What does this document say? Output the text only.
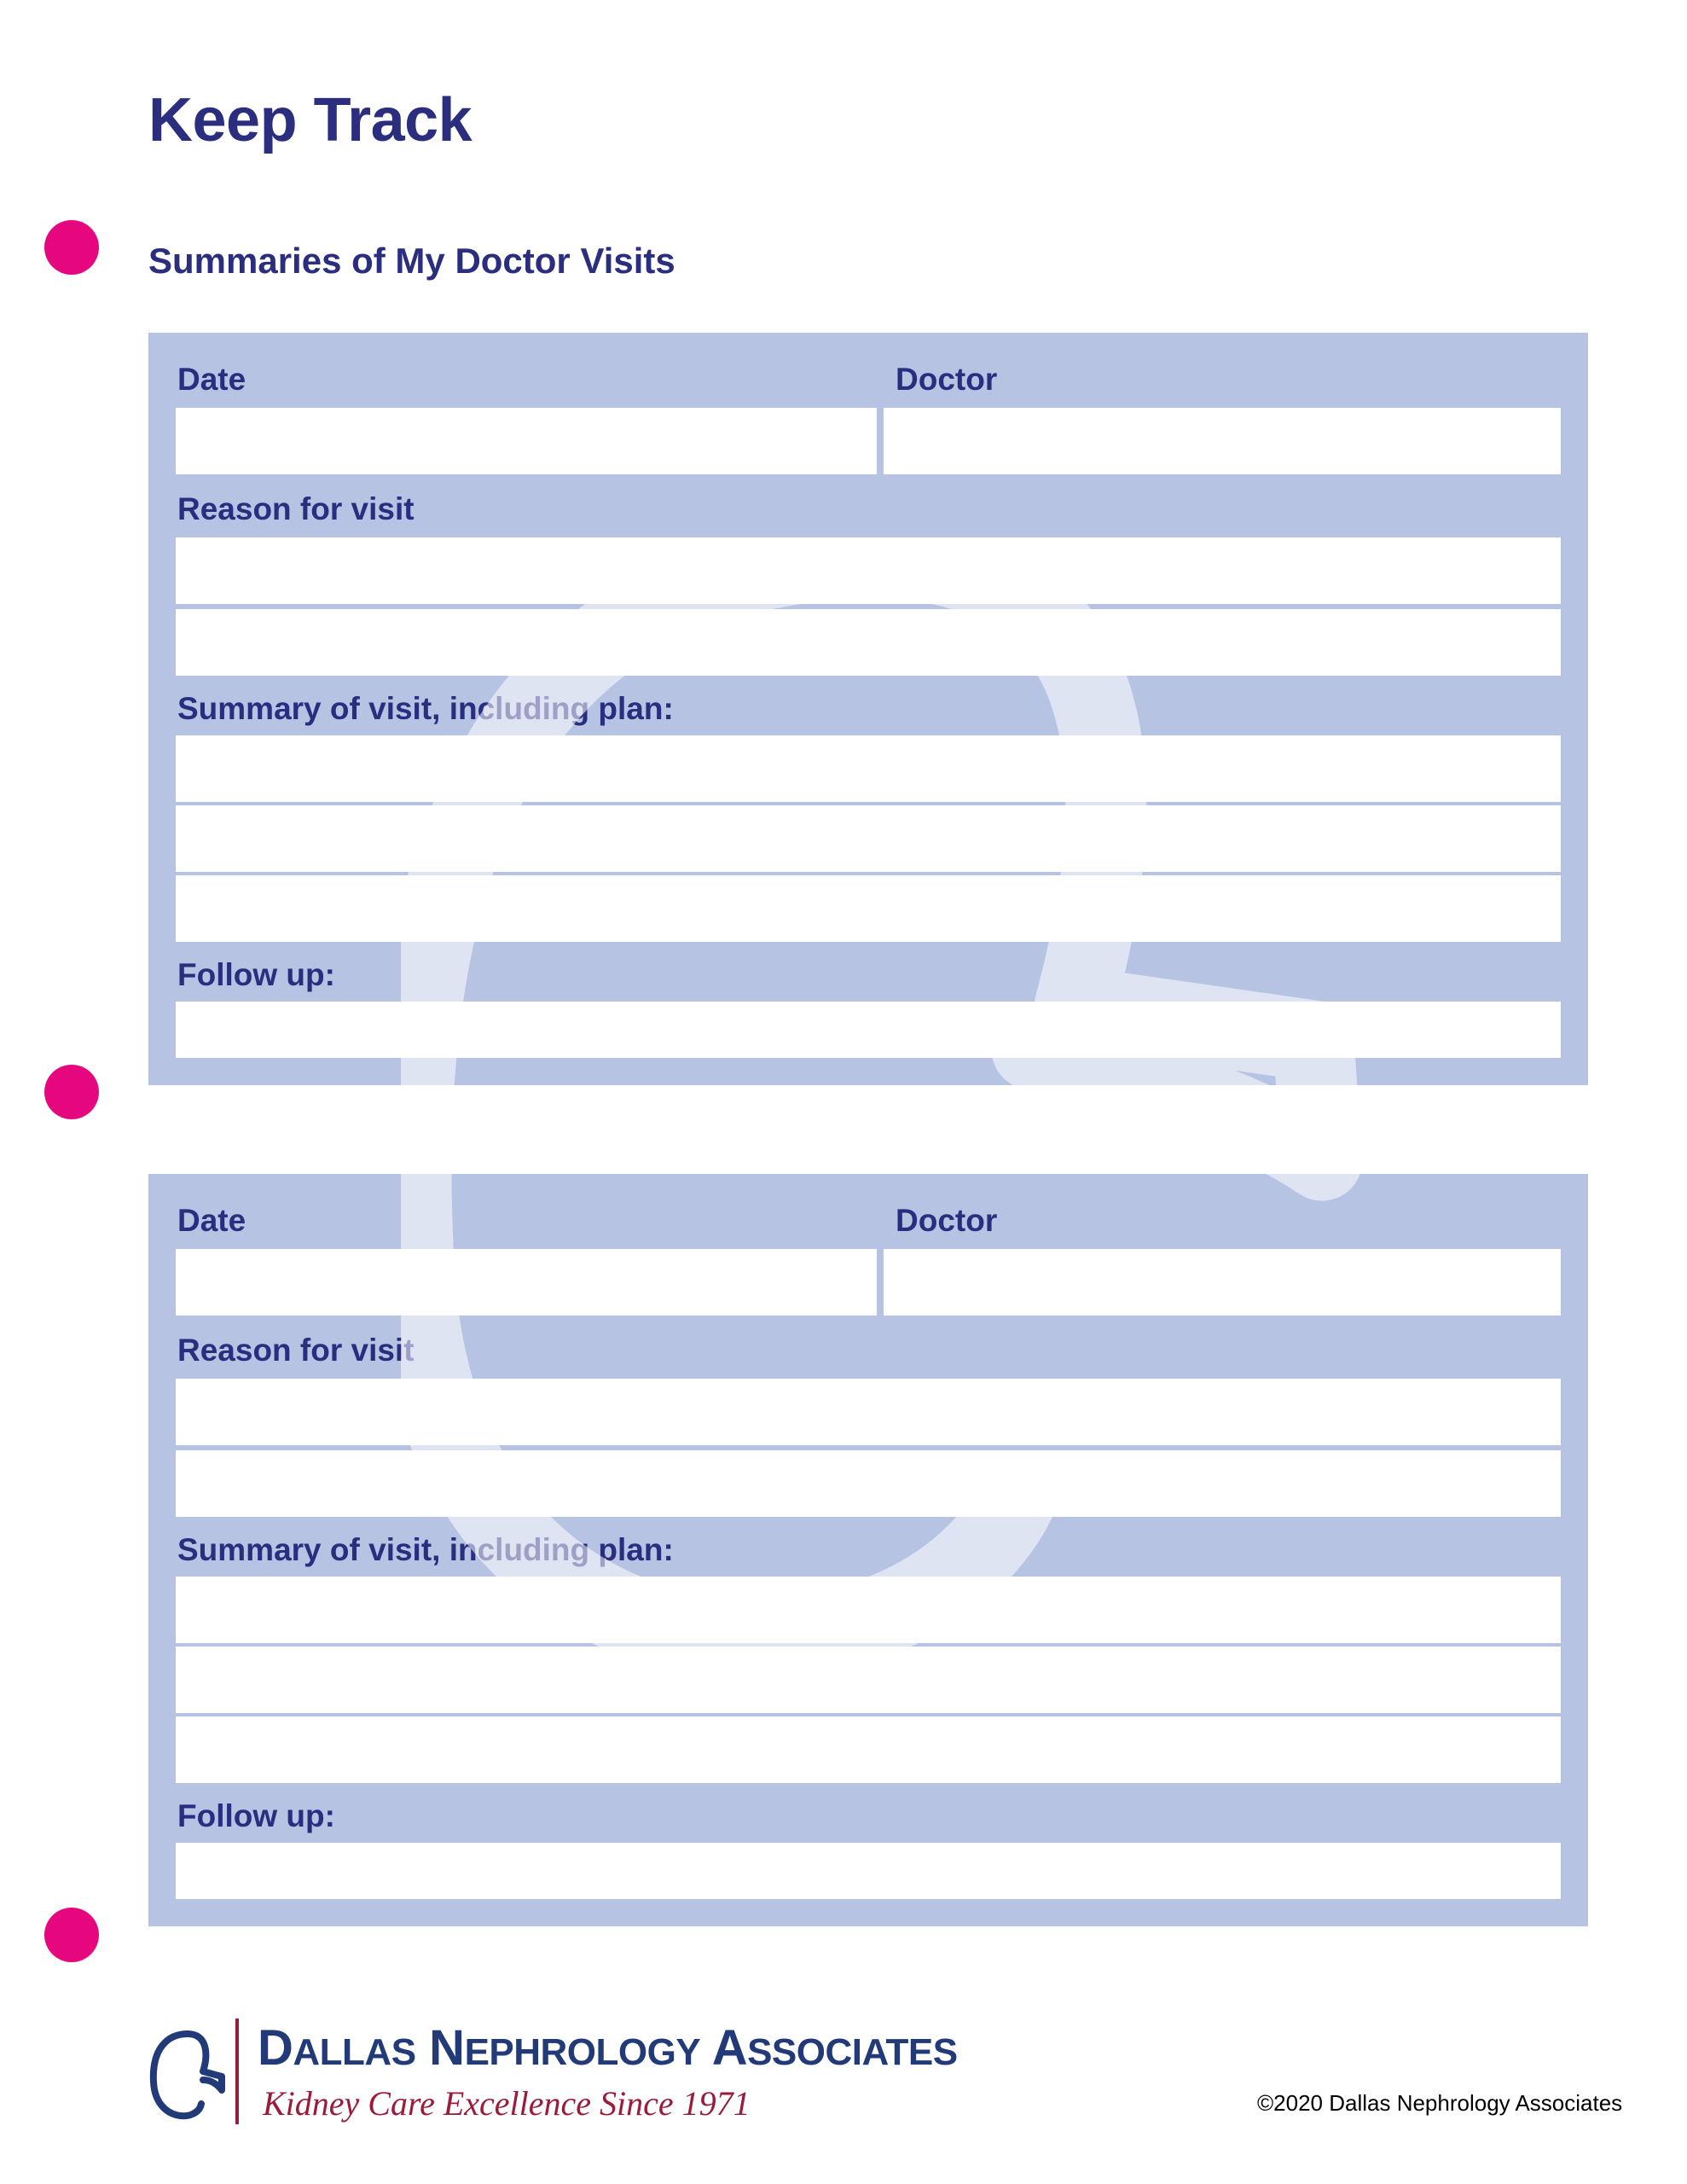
Keep Track
Summaries of My Doctor Visits
Date	Doctor
Reason for visit
Summary of visit, including plan:
Follow up:
Date	Doctor
Reason for visit
Summary of visit, including plan:
Follow up:
DALLAS NEPHROLOGY ASSOCIATES
Kidney Care Excellence Since 1971	©2020 Dallas Nephrology Associates
